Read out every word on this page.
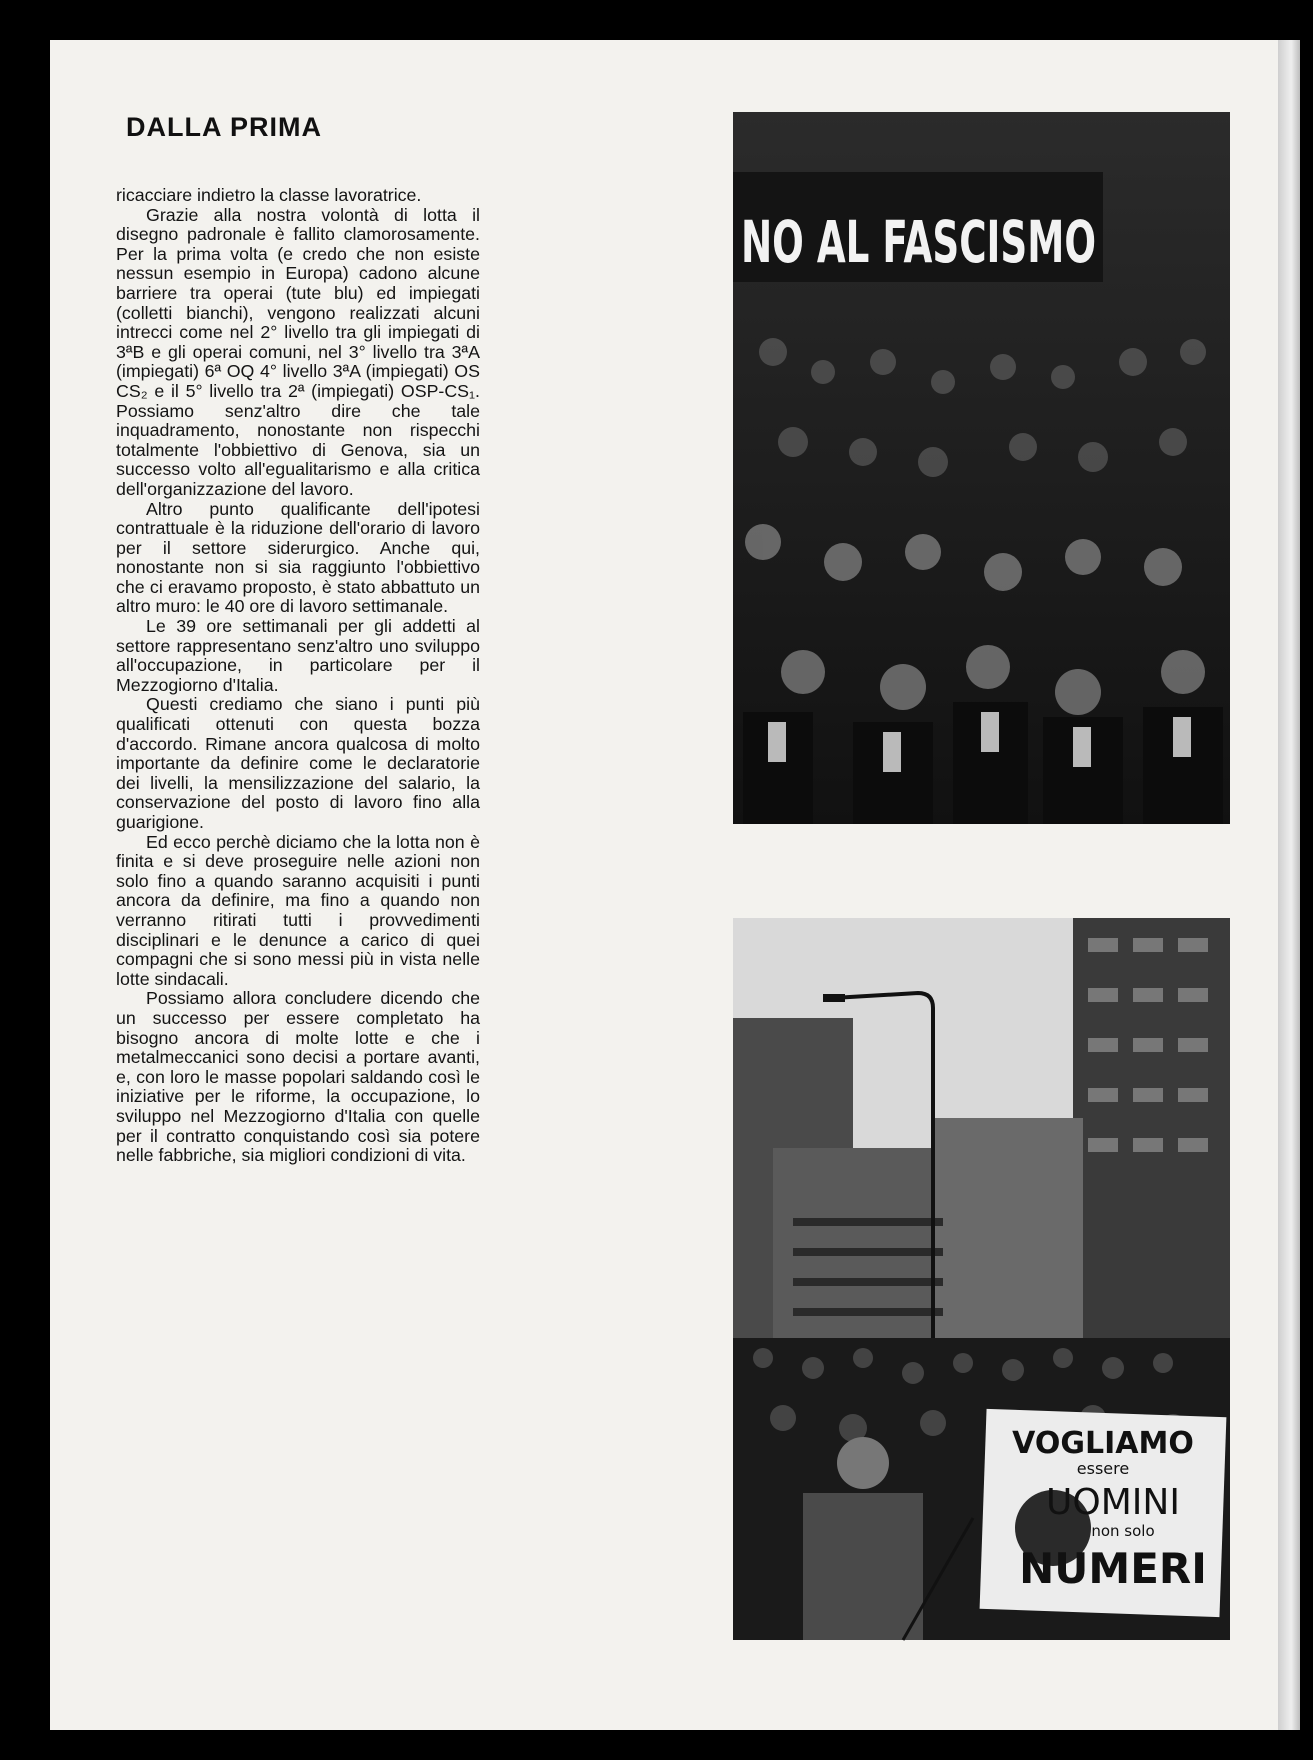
DALLA PRIMA

ricacciare indietro la classe lavoratrice.

Grazie alla nostra volontà di lotta il disegno padronale è fallito clamorosamente. Per la prima volta (e credo che non esiste nessun esempio in Europa) cadono alcune barriere tra operai (tute blu) ed impiegati (colletti bianchi), vengono realizzati alcuni intrecci come nel 2° livello tra gli impiegati di 3ªB e gli operai comuni, nel 3° livello tra 3ªA (impiegati) 6ª OQ 4° livello 3ªA (impiegati) OS CS₂ e il 5° livello tra 2ª (impiegati) OSP-CS₁. Possiamo senz'altro dire che tale inquadramento, nonostante non rispecchi totalmente l'obbiettivo di Genova, sia un successo volto all'egualitarismo e alla critica dell'organizzazione del lavoro.

Altro punto qualificante dell'ipotesi contrattuale è la riduzione dell'orario di lavoro per il settore siderurgico. Anche qui, nonostante non si sia raggiunto l'obbiettivo che ci eravamo proposto, è stato abbattuto un altro muro: le 40 ore di lavoro settimanale.

Le 39 ore settimanali per gli addetti al settore rappresentano senz'altro uno sviluppo all'occupazione, in particolare per il Mezzogiorno d'Italia.

Questi crediamo che siano i punti più qualificati ottenuti con questa bozza d'accordo. Rimane ancora qualcosa di molto importante da definire come le declaratorie dei livelli, la mensilizzazione del salario, la conservazione del posto di lavoro fino alla guarigione.

Ed ecco perchè diciamo che la lotta non è finita e si deve proseguire nelle azioni non solo fino a quando saranno acquisiti i punti ancora da definire, ma fino a quando non verranno ritirati tutti i provvedimenti disciplinari e le denunce a carico di quei compagni che si sono messi più in vista nelle lotte sindacali.

Possiamo allora concludere dicendo che un successo per essere completato ha bisogno ancora di molte lotte e che i metalmeccanici sono decisi a portare avanti, e, con loro le masse popolari saldando così le iniziative per le riforme, la occupazione, lo sviluppo nel Mezzogiorno d'Italia con quelle per il contratto conquistando così sia potere nelle fabbriche, sia migliori condizioni di vita.

NO AL FASCISMO
VOGLIAMO
essere
UOMINI
non solo
NUMERI
